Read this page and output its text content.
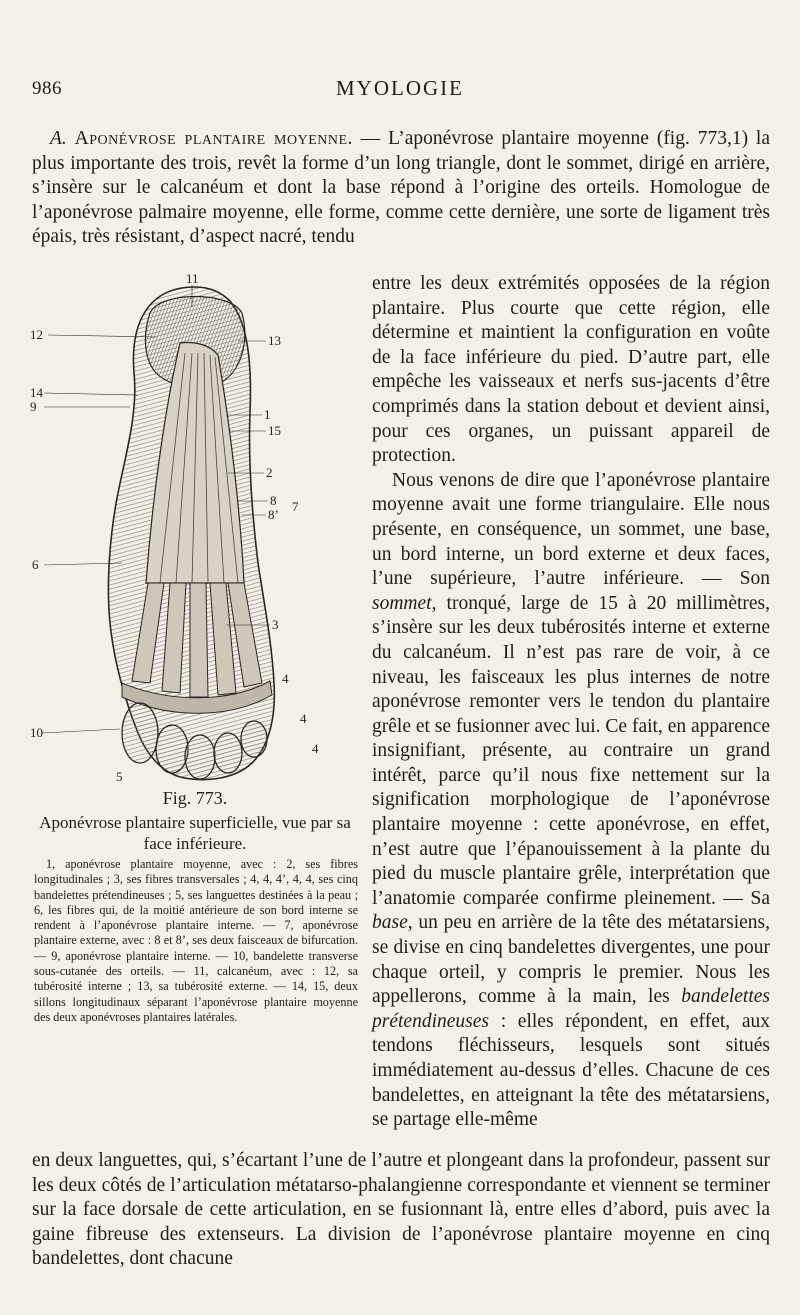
986	MYOLOGIE
A. Aponévrose plantaire moyenne. — L’aponévrose plantaire moyenne (fig. 773,1) la plus importante des trois, revêt la forme d’un long triangle, dont le sommet, dirigé en arrière, s’insère sur le calcanéum et dont la base répond à l’origine des orteils. Homologue de l’aponévrose palmaire moyenne, elle forme, comme cette dernière, une sorte de ligament très épais, très résistant, d’aspect nacré, tendu
11
12	13
14
9
1
15
2
8
8’
7
6
3
10
5
4
4
4
Fig. 773.
Aponévrose plantaire superficielle, vue par sa face inférieure.
1, aponévrose plantaire moyenne, avec : 2, ses fibres longitudinales ; 3, ses fibres transversales ; 4, 4, 4’, 4, 4, ses cinq bandelettes prétendineuses ; 5, ses languettes destinées à la peau ; 6, les fibres qui, de la moitié antérieure de son bord interne se rendent à l’aponévrose plantaire interne. — 7, aponévrose plantaire externe, avec : 8 et 8’, ses deux faisceaux de bifurcation. — 9, aponévrose plantaire interne. — 10, bandelette transverse sous-cutanée des orteils. — 11, calcanéum, avec : 12, sa tubérosité interne ; 13, sa tubérosité externe. — 14, 15, deux sillons longitudinaux séparant l’aponévrose plantaire moyenne des deux aponévroses plantaires latérales.

entre les deux extrémités opposées de la région plantaire. Plus courte que cette région, elle détermine et maintient la configuration en voûte de la face inférieure du pied. D’autre part, elle empêche les vaisseaux et nerfs sus-jacents d’être comprimés dans la station debout et devient ainsi, pour ces organes, un puissant appareil de protection.

Nous venons de dire que l’aponévrose plantaire moyenne avait une forme triangulaire. Elle nous présente, en conséquence, un sommet, une base, un bord interne, un bord externe et deux faces, l’une supérieure, l’autre inférieure. — Son sommet, tronqué, large de 15 à 20 millimètres, s’insère sur les deux tubérosités interne et externe du calcanéum. Il n’est pas rare de voir, à ce niveau, les faisceaux les plus internes de notre aponévrose remonter vers le tendon du plantaire grêle et se fusionner avec lui. Ce fait, en apparence insignifiant, présente, au contraire un grand intérêt, parce qu’il nous fixe nettement sur la signification morphologique de l’aponévrose plantaire moyenne : cette aponévrose, en effet, n’est autre que l’épanouissement à la plante du pied du muscle plantaire grêle, interprétation que l’anatomie comparée confirme pleinement. — Sa base, un peu en arrière de la tête des métatarsiens, se divise en cinq bandelettes divergentes, une pour chaque orteil, y compris le premier. Nous les appellerons, comme à la main, les bandelettes prétendineuses : elles répondent, en effet, aux tendons fléchisseurs, lesquels sont situés immédiatement au-dessus d’elles. Chacune de ces bandelettes, en atteignant la tête des métatarsiens, se partage elle-même

en deux languettes, qui, s’écartant l’une de l’autre et plongeant dans la profondeur, passent sur les deux côtés de l’articulation métatarso-phalangienne correspondante et viennent se terminer sur la face dorsale de cette articulation, en se fusionnant là, entre elles d’abord, puis avec la gaine fibreuse des extenseurs. La division de l’aponévrose plantaire moyenne en cinq bandelettes, dont chacune
